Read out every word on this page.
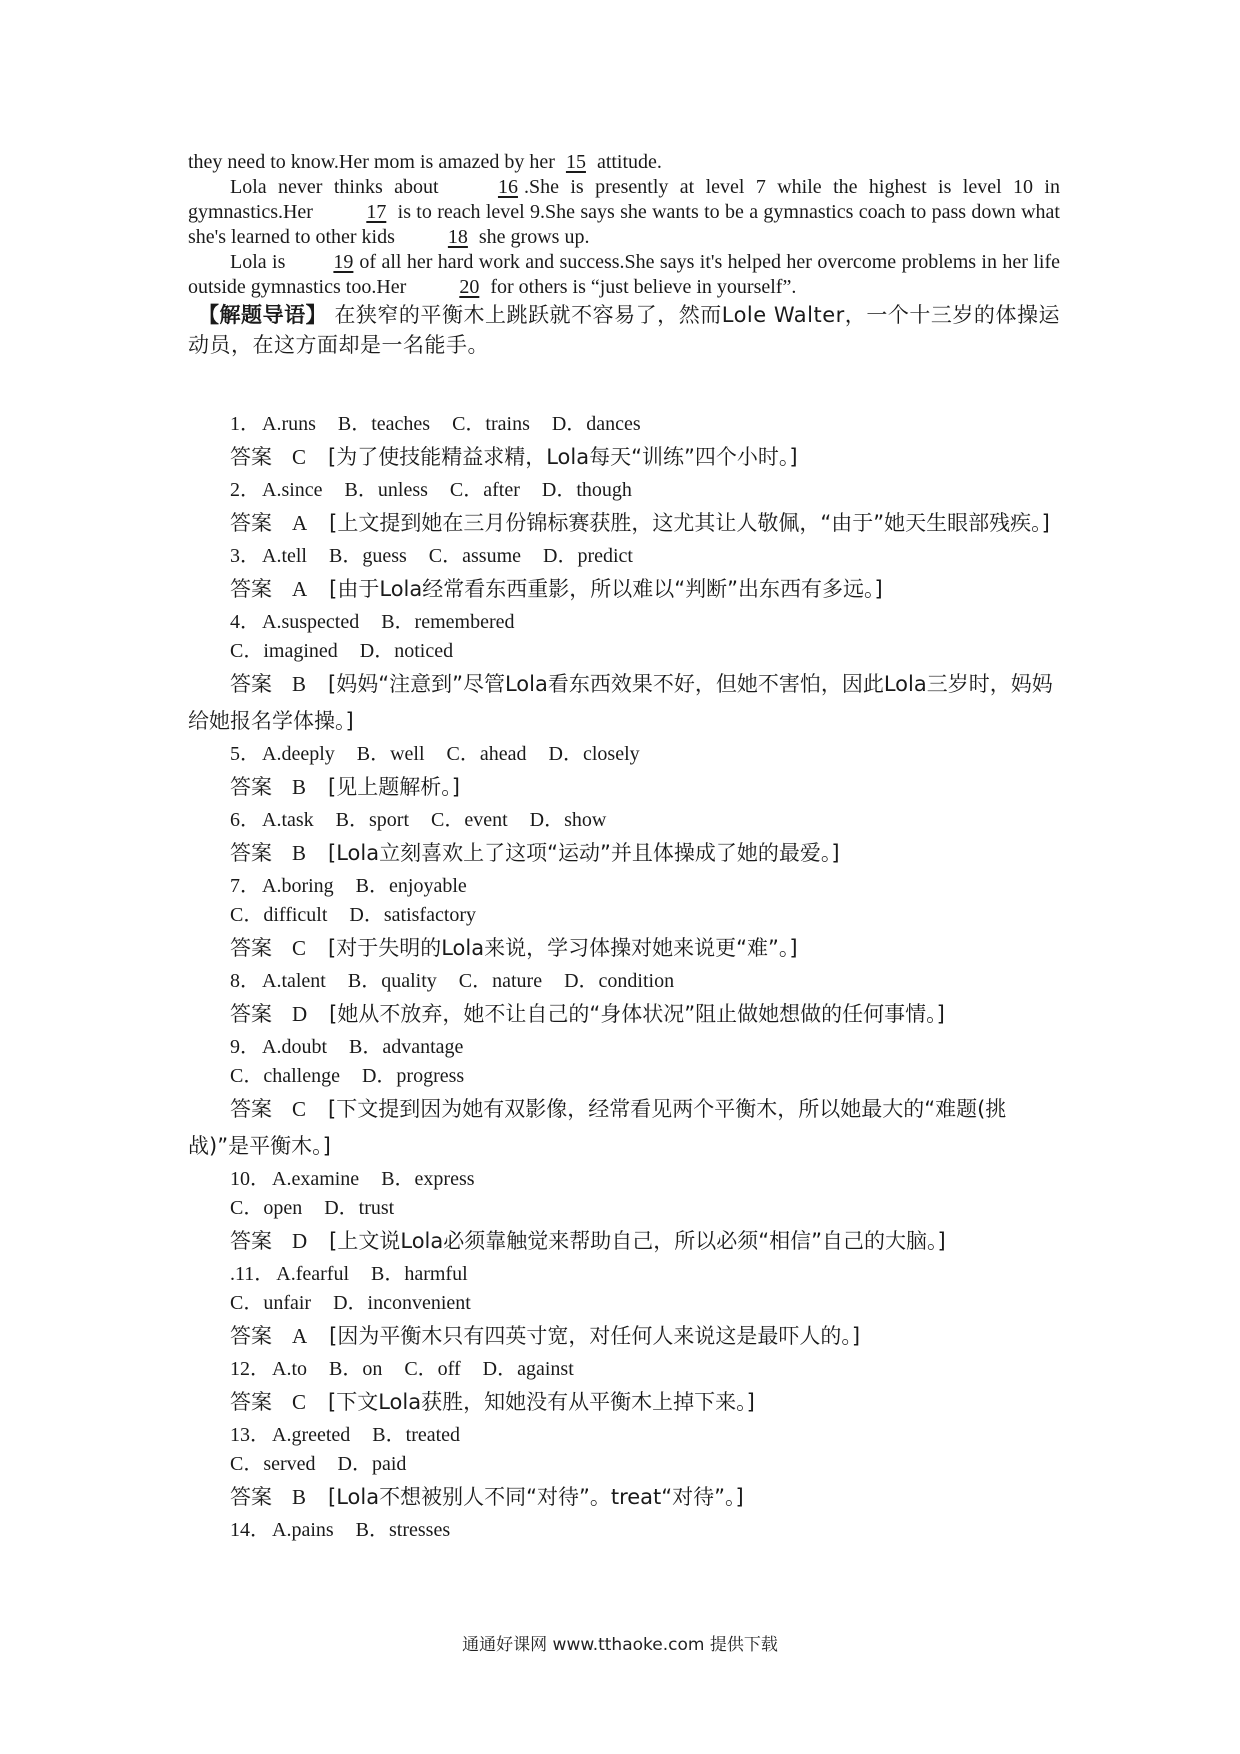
they need to know.Her mom is amazed by her 15 attitude.

Lola never thinks about 16 .She is presently at level 7 while the highest is level 10 in gymnastics.Her 17 is to reach level 9.She says she wants to be a gymnastics coach to pass down what she's learned to other kids 18 she grows up.

Lola is 19 of all her hard work and success.She says it's helped her overcome problems in her life outside gymnastics too.Her 20 for others is “just believe in yourself”.

【解题导语】 在狭窄的平衡木上跳跃就不容易了，然而Lole Walter，一个十三岁的体操运动员，在这方面却是一名能手。

1． A.runs B．teaches C．trains D．dances

答案 C [为了使技能精益求精，Lola每天“训练”四个小时。]

2． A.since B．unless C．after D．though

答案 A [上文提到她在三月份锦标赛获胜，这尤其让人敬佩，“由于”她天生眼部残疾。]

3． A.tell B．guess C．assume D．predict

答案 A [由于Lola经常看东西重影，所以难以“判断”出东西有多远。]

4． A.suspected B．remembered
C．imagined D．noticed

答案 B [妈妈“注意到”尽管Lola看东西效果不好，但她不害怕，因此Lola三岁时，妈妈给她报名学体操。]

5． A.deeply B．well C．ahead D．closely

答案 B [见上题解析。]

6． A.task B．sport C．event D．show

答案 B [Lola立刻喜欢上了这项“运动”并且体操成了她的最爱。]

7． A.boring B．enjoyable
C．difficult D．satisfactory

答案 C [对于失明的Lola来说，学习体操对她来说更“难”。]

8． A.talent B．quality C．nature D．condition

答案 D [她从不放弃，她不让自己的“身体状况”阻止做她想做的任何事情。]

9． A.doubt B．advantage
C．challenge D．progress

答案 C [下文提到因为她有双影像，经常看见两个平衡木，所以她最大的“难题(挑战)”是平衡木。]

10． A.examine B．express
C．open D．trust

答案 D [上文说Lola必须靠触觉来帮助自己，所以必须“相信”自己的大脑。]

.11． A.fearful B．harmful
C．unfair D．inconvenient

答案 A [因为平衡木只有四英寸宽，对任何人来说这是最吓人的。]

12． A.to B．on C．off D．against

答案 C [下文Lola获胜，知她没有从平衡木上掉下来。]

13． A.greeted B．treated
C．served D．paid

答案 B [Lola不想被别人不同“对待”。treat“对待”。]

14． A.pains B．stresses
通通好课网 www.tthaoke.com 提供下载
